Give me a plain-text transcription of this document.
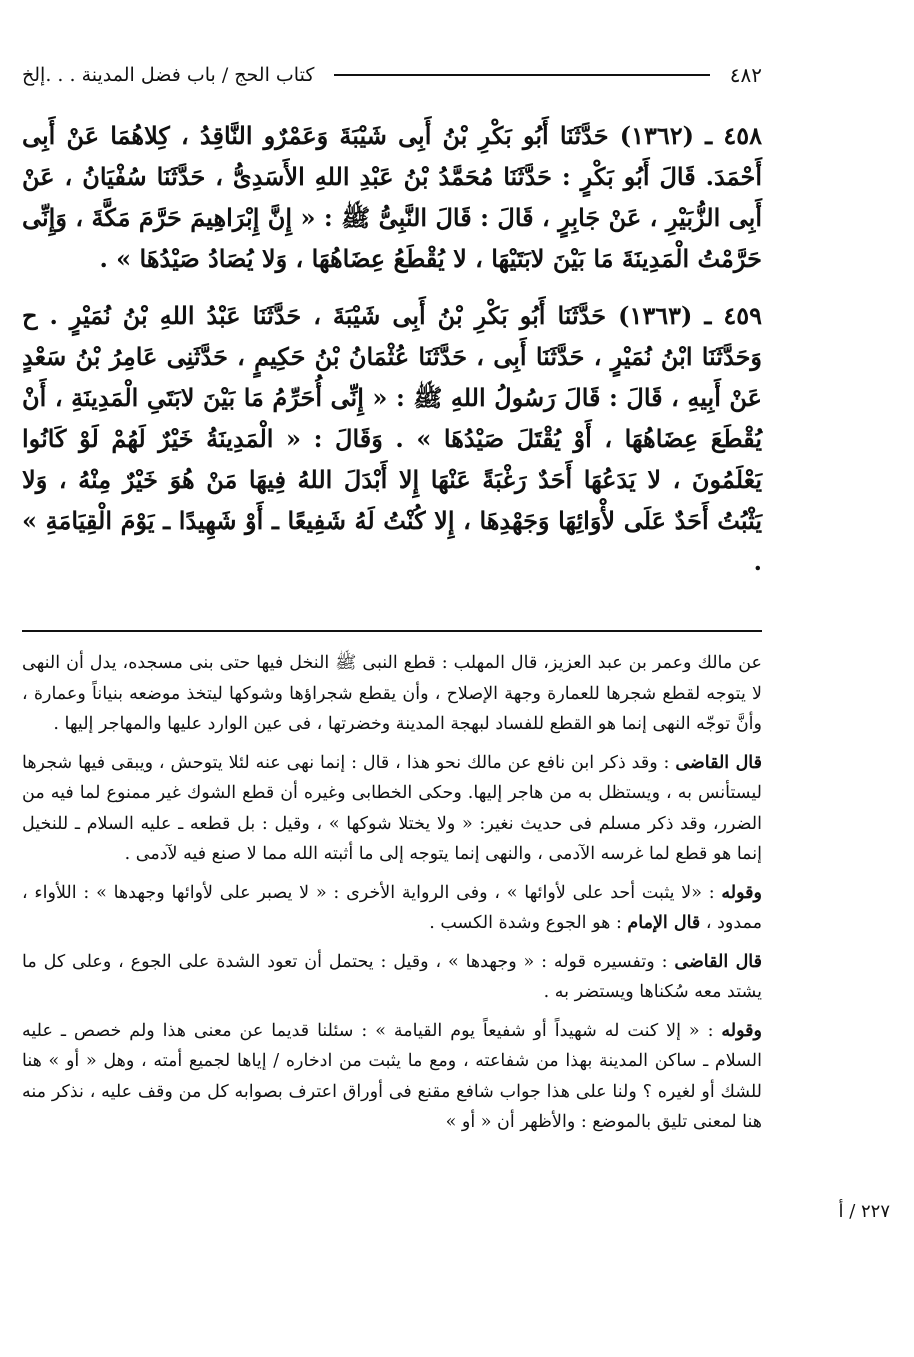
٤٨٢
كتاب الحج / باب فضل المدينة . . .إلخ

٤٥٨ ـ (١٣٦٢) حَدَّثَنَا أَبُو بَكْرِ بْنُ أَبِى شَيْبَةَ وَعَمْرٌو النَّاقِدُ ، كِلاهُمَا عَنْ أَبِى أَحْمَدَ. قَالَ أَبُو بَكْرٍ : حَدَّثَنَا مُحَمَّدُ بْنُ عَبْدِ اللهِ الأَسَدِىُّ ، حَدَّثَنَا سُفْيَانُ ، عَنْ أَبِى الزُّبَيْرِ ، عَنْ جَابِرٍ ، قَالَ : قَالَ النَّبِىُّ ﷺ : « إِنَّ إِبْرَاهِيمَ حَرَّمَ مَكَّةَ ، وَإِنِّى حَرَّمْتُ الْمَدِينَةَ مَا بَيْنَ لابَتَيْهَا ، لا يُقْطَعُ عِضَاهُهَا ، وَلا يُصَادُ صَيْدُهَا » .

٤٥٩ ـ (١٣٦٣) حَدَّثَنَا أَبُو بَكْرِ بْنُ أَبِى شَيْبَةَ ، حَدَّثَنَا عَبْدُ اللهِ بْنُ نُمَيْرٍ . ح وَحَدَّثَنَا ابْنُ نُمَيْرٍ ، حَدَّثَنَا أَبِى ، حَدَّثَنَا عُثْمَانُ بْنُ حَكِيمٍ ، حَدَّثَنِى عَامِرُ بْنُ سَعْدٍ عَنْ أَبِيهِ ، قَالَ : قَالَ رَسُولُ اللهِ ﷺ : « إِنِّى أُحَرِّمُ مَا بَيْنَ لابَتَىِ الْمَدِينَةِ ، أَنْ يُقْطَعَ عِضَاهُهَا ، أَوْ يُقْتَلَ صَيْدُهَا » . وَقَالَ : « الْمَدِينَةُ خَيْرٌ لَهُمْ لَوْ كَانُوا يَعْلَمُونَ ، لا يَدَعُهَا أَحَدٌ رَغْبَةً عَنْهَا إِلا أَبْدَلَ اللهُ فِيهَا مَنْ هُوَ خَيْرٌ مِنْهُ ، وَلا يَثْبُتُ أَحَدٌ عَلَى لأْوَائِهَا وَجَهْدِهَا ، إِلا كُنْتُ لَهُ شَفِيعًا ـ أَوْ شَهِيدًا ـ يَوْمَ الْقِيَامَةِ » .

عن مالك وعمر بن عبد العزيز، قال المهلب : قطع النبى ﷺ النخل فيها حتى بنى مسجده، يدل أن النهى لا يتوجه لقطع شجرها للعمارة وجهة الإصلاح ، وأن يقطع شجراؤها وشوكها ليتخذ موضعه بنياناً وعمارة ، وأنَّ توجّه النهى إنما هو القطع للفساد لبهجة المدينة وخضرتها ، فى عين الوارد عليها والمهاجر إليها .

قال القاضى : وقد ذكر ابن نافع عن مالك نحو هذا ، قال : إنما نهى عنه لئلا يتوحش ، ويبقى فيها شجرها ليستأنس به ، ويستظل به من هاجر إليها. وحكى الخطابى وغيره أن قطع الشوك غير ممنوع لما فيه من الضرر، وقد ذكر مسلم فى حديث نغير: « ولا يختلا شوكها » ، وقيل : بل قطعه ـ عليه السلام ـ للنخيل إنما هو قطع لما غرسه الآدمى ، والنهى إنما يتوجه إلى ما أثبته الله مما لا صنع فيه لآدمى .

وقوله : «لا يثبت أحد على لأوائها » ، وفى الرواية الأخرى : « لا يصبر على لأوائها وجهدها » : اللأواء ، ممدود ، قال الإمام : هو الجوع وشدة الكسب .

قال القاضى : وتفسيره قوله : « وجهدها » ، وقيل : يحتمل أن تعود الشدة على الجوع ، وعلى كل ما يشتد معه سُكناها ويستضر به .

وقوله : « إلا كنت له شهيداً أو شفيعاً يوم القيامة » : سئلنا قديما عن معنى هذا ولم خصص ـ عليه السلام ـ ساكن المدينة بهذا من شفاعته ، ومع ما يثبت من ادخاره / إياها لجميع أمته ، وهل « أو » هنا للشك أو لغيره ؟ ولنا على هذا جواب شافع مقنع فى أوراق اعترف بصوابه كل من وقف عليه ، نذكر منه هنا لمعنى تليق بالموضع : والأظهر أن « أو »

٢٢٧ / أ
